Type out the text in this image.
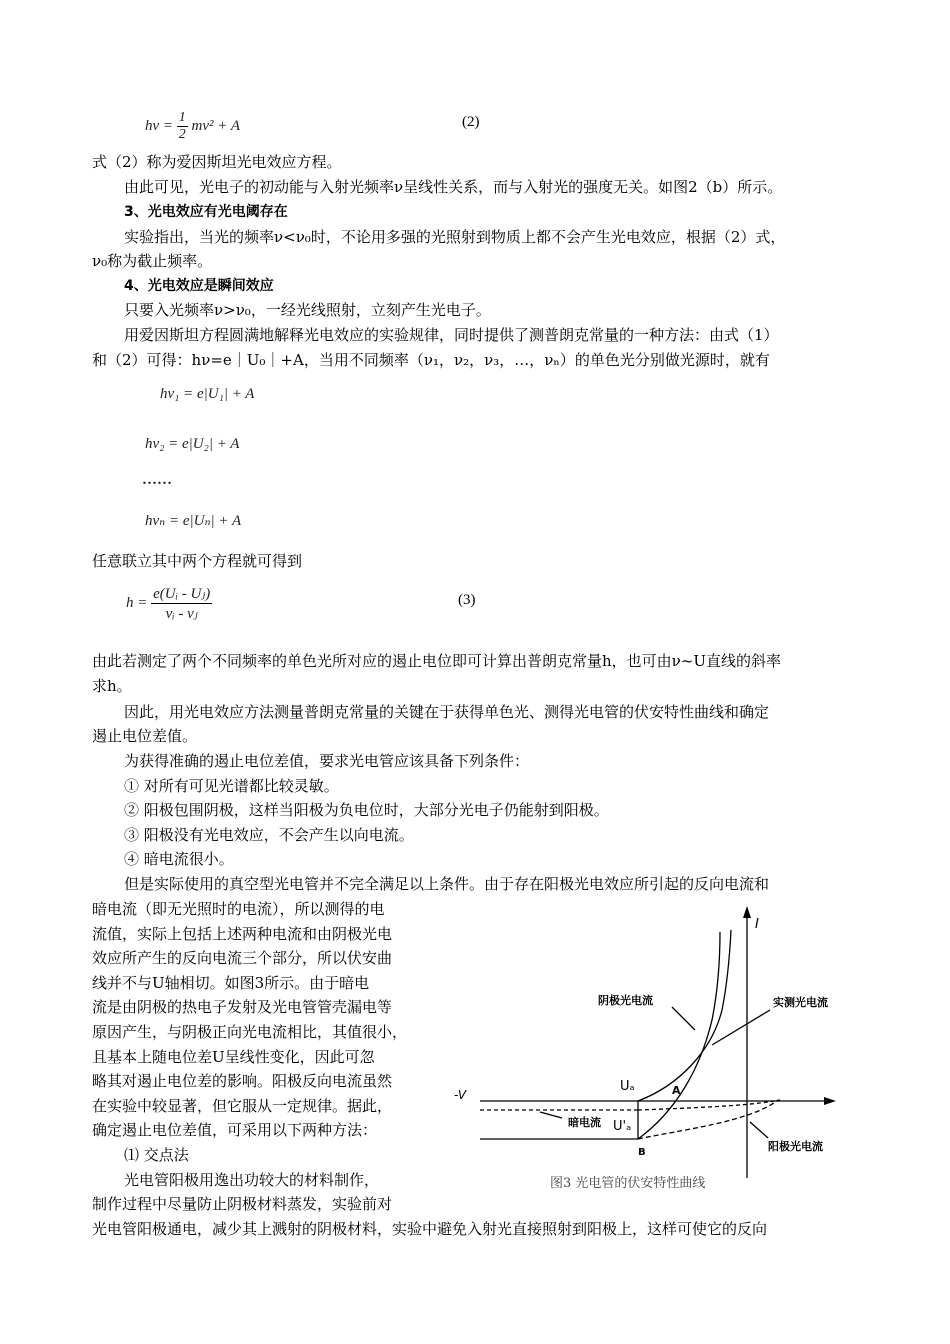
$h\nu = \frac{1}{2} mv^2 + A$	(2)
式（2）称为爱因斯坦光电效应方程。
由此可见，光电子的初动能与入射光频率ν呈线性关系，而与入射光的强度无关。如图2（b）所示。
3、光电效应有光电阈存在
实验指出，当光的频率ν<ν₀时，不论用多强的光照射到物质上都不会产生光电效应，根据（2）式，
ν₀称为截止频率。
4、光电效应是瞬间效应
只要入光频率ν>ν₀，一经光线照射，立刻产生光电子。
用爱因斯坦方程圆满地解释光电效应的实验规律，同时提供了测普朗克常量的一种方法：由式（1）
和（2）可得：hν=e｜U₀｜+A，当用不同频率（ν₁，ν₂，ν₃，…，νₙ）的单色光分别做光源时，就有
hν₁ = e|U₁| + A
hν₂ = e|U₂| + A
……
hνₙ = e|Uₙ| + A
任意联立其中两个方程就可得到
$h = \frac{\text{e(Uᵢ - Uⱼ)}}{\text{νᵢ - νⱼ}}$	(3)
由此若测定了两个不同频率的单色光所对应的遏止电位即可计算出普朗克常量h，也可由ν~U直线的斜率
求h。
因此，用光电效应方法测量普朗克常量的关键在于获得单色光、测得光电管的伏安特性曲线和确定
遏止电位差值。
为获得准确的遏止电位差值，要求光电管应该具备下列条件：
① 对所有可见光谱都比较灵敏。
② 阳极包围阴极，这样当阳极为负电位时，大部分光电子仍能射到阳极。
③ 阳极没有光电效应，不会产生以向电流。
④ 暗电流很小。
但是实际使用的真空型光电管并不完全满足以上条件。由于存在阳极光电效应所引起的反向电流和
暗电流（即无光照时的电流），所以测得的电
流值，实际上包括上述两种电流和由阴极光电
效应所产生的反向电流三个部分，所以伏安曲
线并不与U轴相切。如图3所示。由于暗电
流是由阴极的热电子发射及光电管管壳漏电等
原因产生，与阴极正向光电流相比，其值很小，
且基本上随电位差U呈线性变化，因此可忽
略其对遏止电位差的影响。阳极反向电流虽然
在实验中较显著，但它服从一定规律。据此，
确定遏止电位差值，可采用以下两种方法：
⑴ 交点法
光电管阳极用逸出功较大的材料制作，
制作过程中尽量防止阴极材料蒸发，实验前对
光电管阳极通电，减少其上溅射的阴极材料，实验中避免入射光直接照射到阳极上，这样可使它的反向
I
-V
阴极光电流	实测光电流
暗电流
阳极光电流
Uₐ
U'ₐ
A
B
图3 光电管的伏安特性曲线
